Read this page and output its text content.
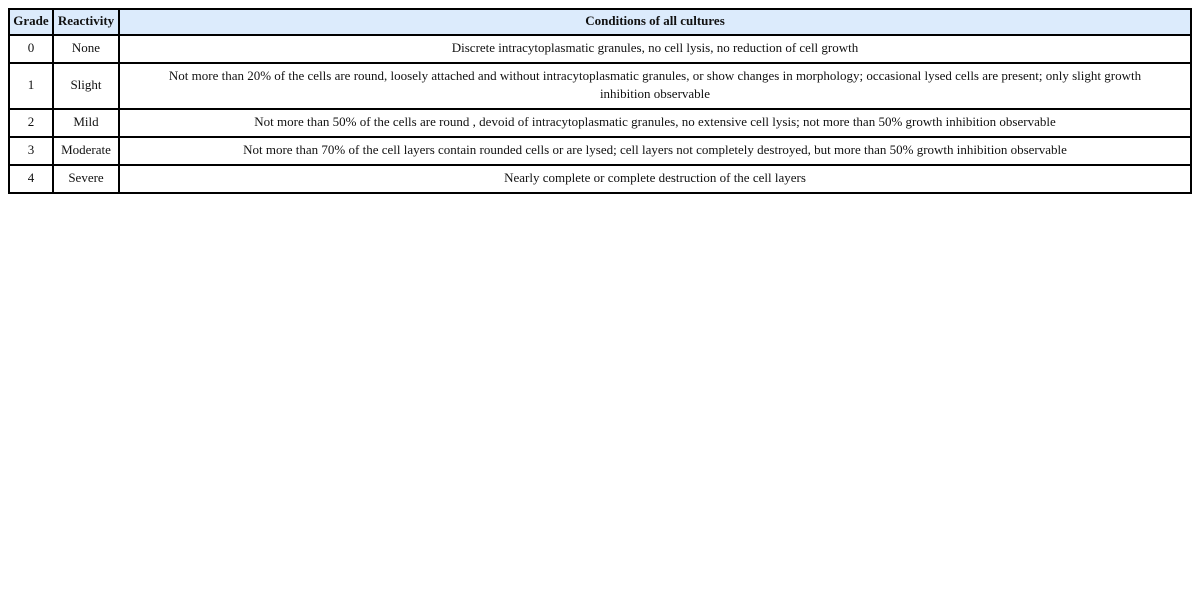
Grade	Reactivity	Conditions of all cultures
0	None	Discrete intracytoplasmatic granules, no cell lysis, no reduction of cell growth
1	Slight	Not more than 20% of the cells are round, loosely attached and without intracytoplasmatic granules, or show changes in morphology; occasional lysed cells are present; only slight growth inhibition observable
2	Mild	Not more than 50% of the cells are round , devoid of intracytoplasmatic granules, no extensive cell lysis; not more than 50% growth inhibition observable
3	Moderate	Not more than 70% of the cell layers contain rounded cells or are lysed; cell layers not completely destroyed, but more than 50% growth inhibition observable
4	Severe	Nearly complete or complete destruction of the cell layers
